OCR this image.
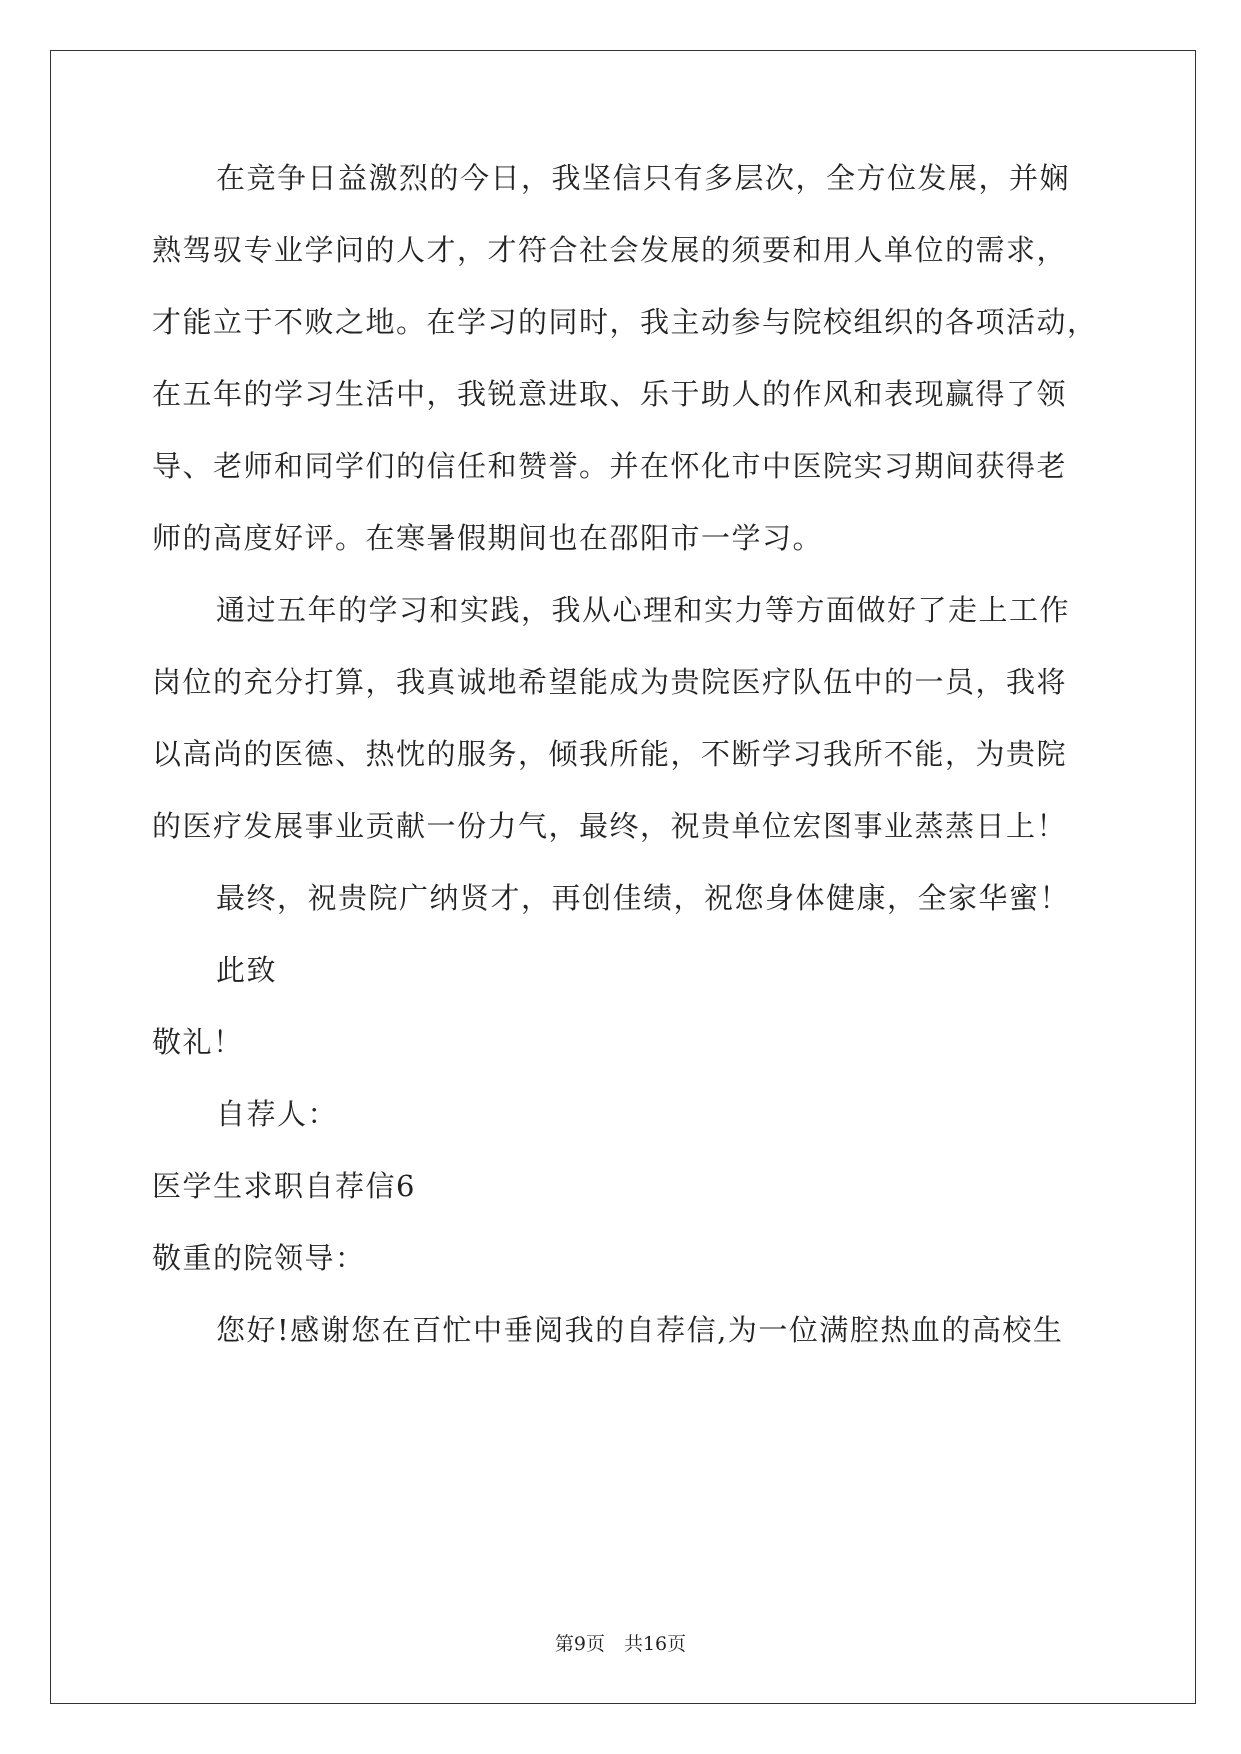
在竞争日益激烈的今日，我坚信只有多层次，全方位发展，并娴
熟驾驭专业学问的人才，才符合社会发展的须要和用人单位的需求，
才能立于不败之地。在学习的同时，我主动参与院校组织的各项活动，
在五年的学习生活中，我锐意进取、乐于助人的作风和表现赢得了领
导、老师和同学们的信任和赞誉。并在怀化市中医院实习期间获得老
师的高度好评。在寒暑假期间也在邵阳市一学习。
通过五年的学习和实践，我从心理和实力等方面做好了走上工作
岗位的充分打算，我真诚地希望能成为贵院医疗队伍中的一员，我将
以高尚的医德、热忱的服务，倾我所能，不断学习我所不能，为贵院
的医疗发展事业贡献一份力气，最终，祝贵单位宏图事业蒸蒸日上！
最终，祝贵院广纳贤才，再创佳绩，祝您身体健康，全家华蜜！
此致
敬礼！
自荐人：
医学生求职自荐信6
敬重的院领导：
您好!感谢您在百忙中垂阅我的自荐信,为一位满腔热血的高校生
第9页　共16页
